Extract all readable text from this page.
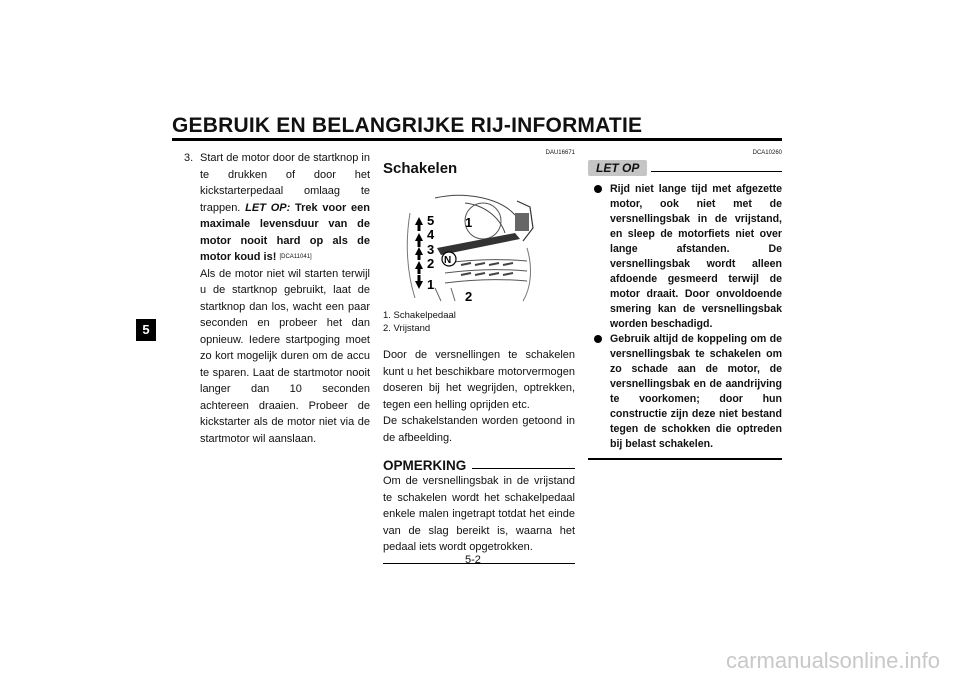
GEBRUIK EN BELANGRIJKE RIJ-INFORMATIE
5
3. Start de motor door de startknop in te drukken of door het kickstarterpedaal omlaag te trappen. LET OP: Trek voor een maximale levensduur van de motor nooit hard op als de motor koud is! [DCA11041]
Als de motor niet wil starten terwijl u de startknop gebruikt, laat de startknop dan los, wacht een paar seconden en probeer het dan opnieuw. Iedere startpoging moet zo kort mogelijk duren om de accu te sparen. Laat de startmotor nooit langer dan 10 seconden achtereen draaien. Probeer de kickstarter als de motor niet via de startmotor wil aanslaan.
DAU16671
Schakelen
5
4
3
2 N
1
1
2
1. Schakelpedaal
2. Vrijstand
Door de versnellingen te schakelen kunt u het beschikbare motorvermogen doseren bij het wegrijden, optrekken, tegen een helling oprijden etc.
De schakelstanden worden getoond in de afbeelding.
OPMERKING
Om de versnellingsbak in de vrijstand te schakelen wordt het schakelpedaal enkele malen ingetrapt totdat het einde van de slag bereikt is, waarna het pedaal iets wordt opgetrokken.
DCA10260
LET OP
Rijd niet lange tijd met afgezette motor, ook niet met de versnellingsbak in de vrijstand, en sleep de motorfiets niet over lange afstanden. De versnellingsbak wordt alleen afdoende gesmeerd terwijl de motor draait. Door onvoldoende smering kan de versnellingsbak worden beschadigd.
Gebruik altijd de koppeling om de versnellingsbak te schakelen om zo schade aan de motor, de versnellingsbak en de aandrijving te voorkomen; door hun constructie zijn deze niet bestand tegen de schokken die optreden bij belast schakelen.
5-2
carmanualsonline.info
